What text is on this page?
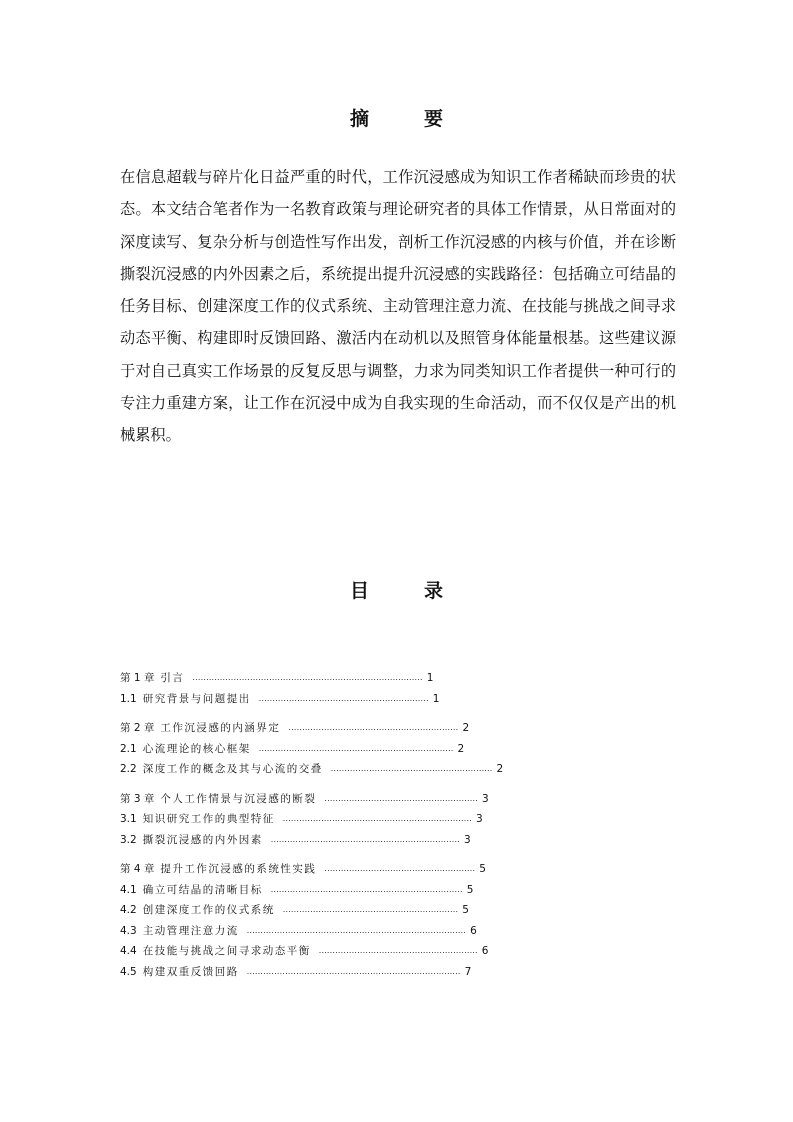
摘　要

在信息超载与碎片化日益严重的时代，工作沉浸感成为知识工作者稀缺而珍贵的状态。本文结合笔者作为一名教育政策与理论研究者的具体工作情景，从日常面对的深度读写、复杂分析与创造性写作出发，剖析工作沉浸感的内核与价值，并在诊断撕裂沉浸感的内外因素之后，系统提出提升沉浸感的实践路径：包括确立可结晶的任务目标、创建深度工作的仪式系统、主动管理注意力流、在技能与挑战之间寻求动态平衡、构建即时反馈回路、激活内在动机以及照管身体能量根基。这些建议源于对自己真实工作场景的反复反思与调整，力求为同类知识工作者提供一种可行的专注力重建方案，让工作在沉浸中成为自我实现的生命活动，而不仅仅是产出的机械累积。

目　录
第 1 章 引言 .................................................................................... 1
1.1 研究背景与问题提出 .............................................................. 1
第 2 章 工作沉浸感的内涵界定 .............................................................. 2
2.1 心流理论的核心框架 ....................................................................... 2
2.2 深度工作的概念及其与心流的交叠 ........................................................... 2
第 3 章 个人工作情景与沉浸感的断裂 ........................................................ 3
3.1 知识研究工作的典型特征 ..................................................................... 3
3.2 撕裂沉浸感的内外因素 ..................................................................... 3
第 4 章 提升工作沉浸感的系统性实践 ....................................................... 5
4.1 确立可结晶的清晰目标 ...................................................................... 5
4.2 创建深度工作的仪式系统 ................................................................ 5
4.3 主动管理注意力流 ................................................................................ 6
4.4 在技能与挑战之间寻求动态平衡 .......................................................... 6
4.5 构建双重反馈回路 .............................................................................. 7
